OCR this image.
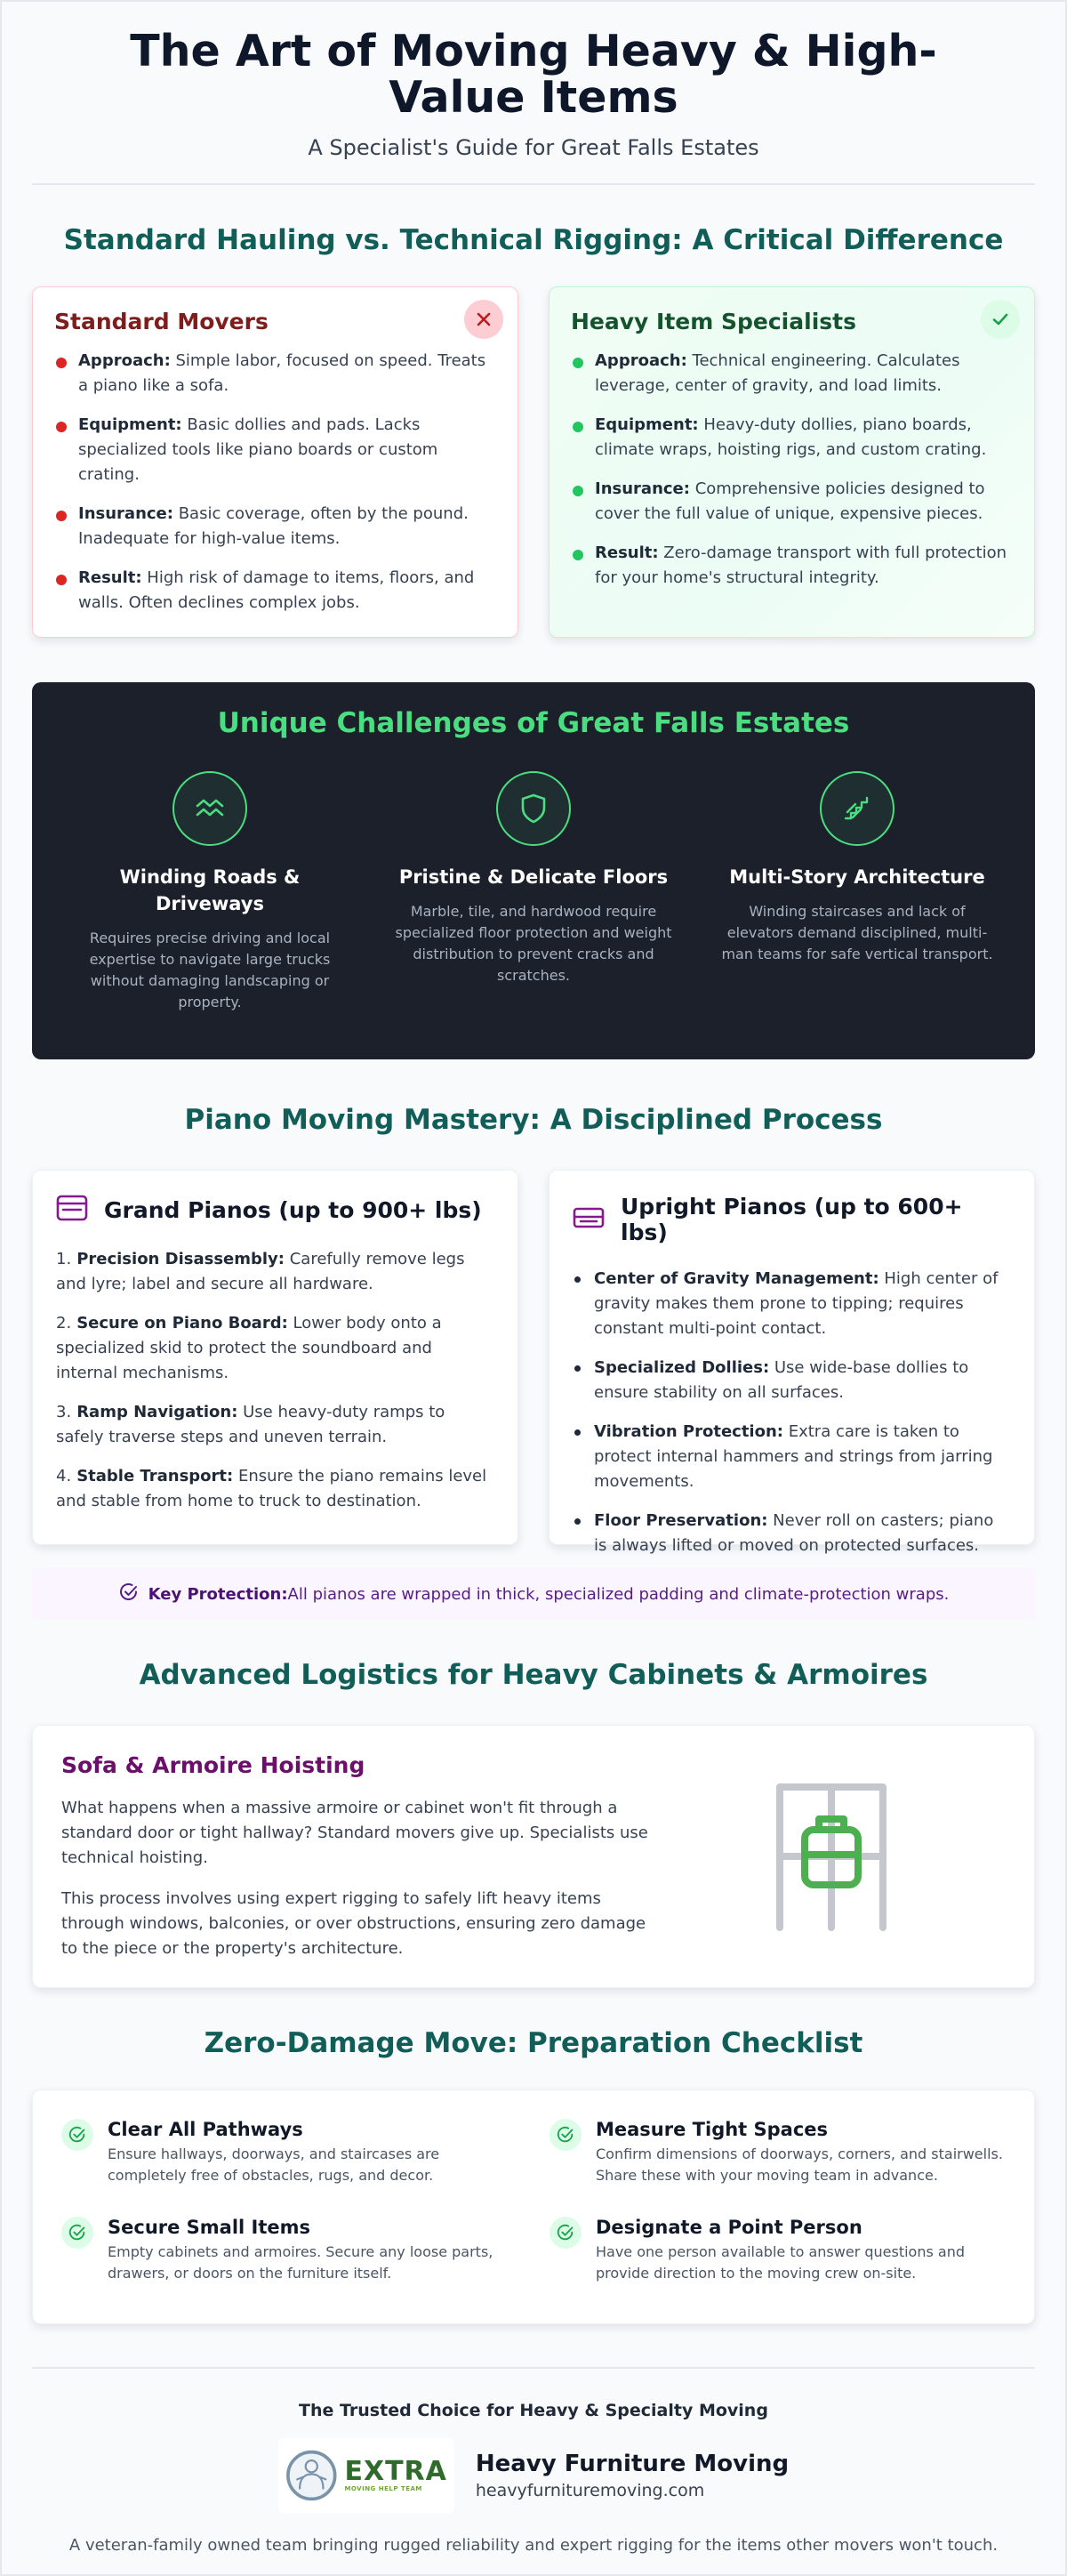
The Art of Moving Heavy & High-Value Items
A Specialist's Guide for Great Falls Estates
Standard Hauling vs. Technical Rigging: A Critical Difference
Standard Movers
Approach: Simple labor, focused on speed. Treats a piano like a sofa.
Equipment: Basic dollies and pads. Lacks specialized tools like piano boards or custom crating.
Insurance: Basic coverage, often by the pound. Inadequate for high-value items.
Result: High risk of damage to items, floors, and walls. Often declines complex jobs.
Heavy Item Specialists
Approach: Technical engineering. Calculates leverage, center of gravity, and load limits.
Equipment: Heavy-duty dollies, piano boards, climate wraps, hoisting rigs, and custom crating.
Insurance: Comprehensive policies designed to cover the full value of unique, expensive pieces.
Result: Zero-damage transport with full protection for your home's structural integrity.
Unique Challenges of Great Falls Estates
Winding Roads & Driveways

Requires precise driving and local expertise to navigate large trucks without damaging landscaping or property.

Pristine & Delicate Floors

Marble, tile, and hardwood require specialized floor protection and weight distribution to prevent cracks and scratches.

Multi-Story Architecture

Winding staircases and lack of elevators demand disciplined, multi-man teams for safe vertical transport.

Piano Moving Mastery: A Disciplined Process
Grand Pianos (up to 900+ lbs)
1. Precision Disassembly: Carefully remove legs and lyre; label and secure all hardware.
2. Secure on Piano Board: Lower body onto a specialized skid to protect the soundboard and internal mechanisms.
3. Ramp Navigation: Use heavy-duty ramps to safely traverse steps and uneven terrain.
4. Stable Transport: Ensure the piano remains level and stable from home to truck to destination.
Upright Pianos (up to 600+ lbs)
Center of Gravity Management: High center of gravity makes them prone to tipping; requires constant multi-point contact.
Specialized Dollies: Use wide-base dollies to ensure stability on all surfaces.
Vibration Protection: Extra care is taken to protect internal hammers and strings from jarring movements.
Floor Preservation: Never roll on casters; piano is always lifted or moved on protected surfaces.
Key Protection:All pianos are wrapped in thick, specialized padding and climate-protection wraps.
Advanced Logistics for Heavy Cabinets & Armoires
Sofa & Armoire Hoisting

What happens when a massive armoire or cabinet won't fit through a standard door or tight hallway? Standard movers give up. Specialists use technical hoisting.

This process involves using expert rigging to safely lift heavy items through windows, balconies, or over obstructions, ensuring zero damage to the piece or the property's architecture.

Zero-Damage Move: Preparation Checklist
Clear All Pathways

Ensure hallways, doorways, and staircases are completely free of obstacles, rugs, and decor.

Measure Tight Spaces

Confirm dimensions of doorways, corners, and stairwells. Share these with your moving team in advance.

Secure Small Items

Empty cabinets and armoires. Secure any loose parts, drawers, or doors on the furniture itself.

Designate a Point Person

Have one person available to answer questions and provide direction to the moving crew on-site.

The Trusted Choice for Heavy & Specialty Moving
EXTRA
MOVING HELP TEAM
Heavy Furniture Moving
heavyfurnituremoving.com
A veteran-family owned team bringing rugged reliability and expert rigging for the items other movers won't touch.
